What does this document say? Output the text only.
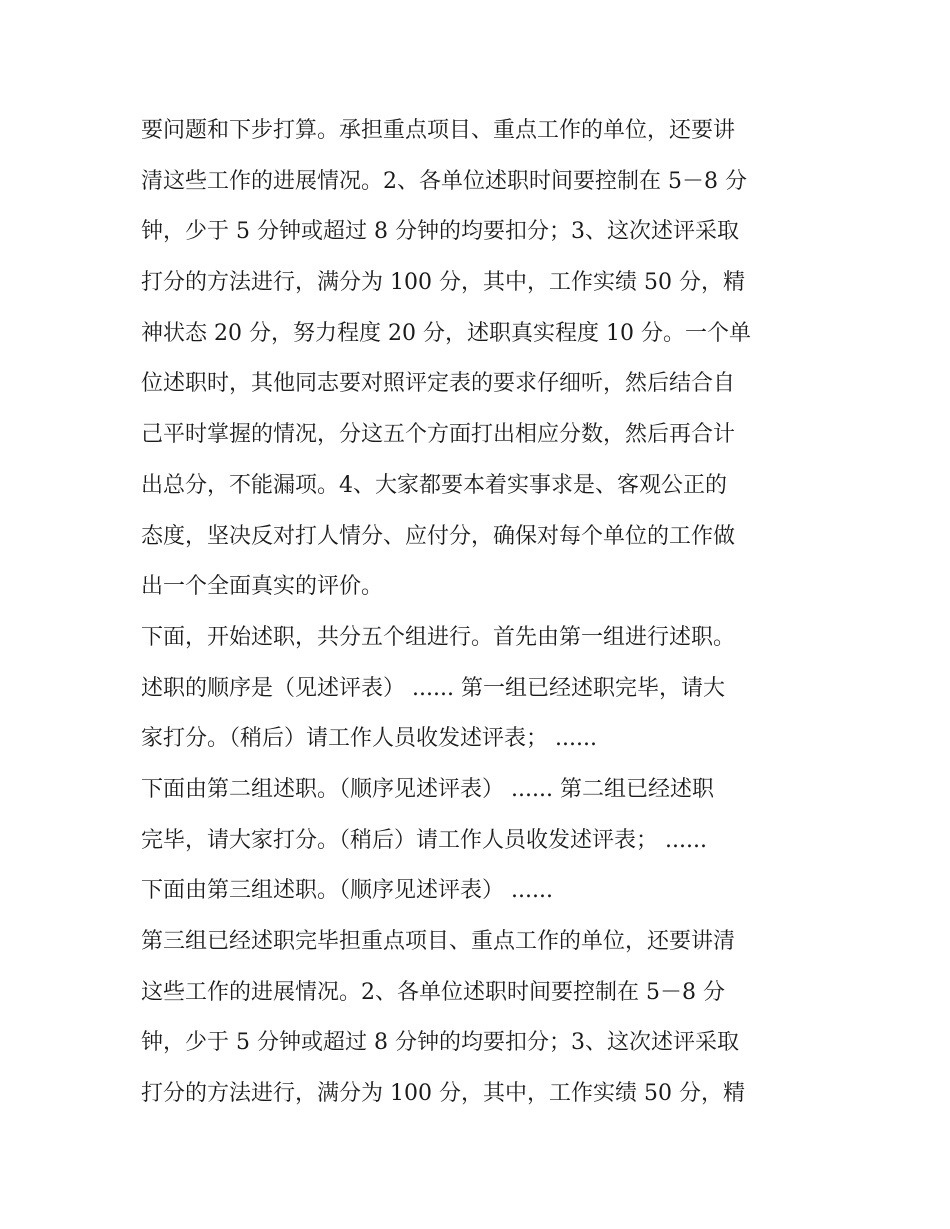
要问题和下步打算。承担重点项目、重点工作的单位，还要讲
清这些工作的进展情况。2、各单位述职时间要控制在 5－8 分
钟，少于 5 分钟或超过 8 分钟的均要扣分；3、这次述评采取
打分的方法进行，满分为 100 分，其中，工作实绩 50 分，精
神状态 20 分，努力程度 20 分，述职真实程度 10 分。一个单
位述职时，其他同志要对照评定表的要求仔细听，然后结合自
己平时掌握的情况，分这五个方面打出相应分数，然后再合计
出总分，不能漏项。4、大家都要本着实事求是、客观公正的
态度，坚决反对打人情分、应付分，确保对每个单位的工作做
出一个全面真实的评价。
下面，开始述职，共分五个组进行。首先由第一组进行述职。
述职的顺序是（见述评表） ...... 第一组已经述职完毕，请大
家打分。（稍后）请工作人员收发述评表； ......
下面由第二组述职。（顺序见述评表） ...... 第二组已经述职
完毕，请大家打分。（稍后）请工作人员收发述评表； ......
下面由第三组述职。（顺序见述评表） ......
第三组已经述职完毕担重点项目、重点工作的单位，还要讲清
这些工作的进展情况。2、各单位述职时间要控制在 5－8 分
钟，少于 5 分钟或超过 8 分钟的均要扣分；3、这次述评采取
打分的方法进行，满分为 100 分，其中，工作实绩 50 分，精
